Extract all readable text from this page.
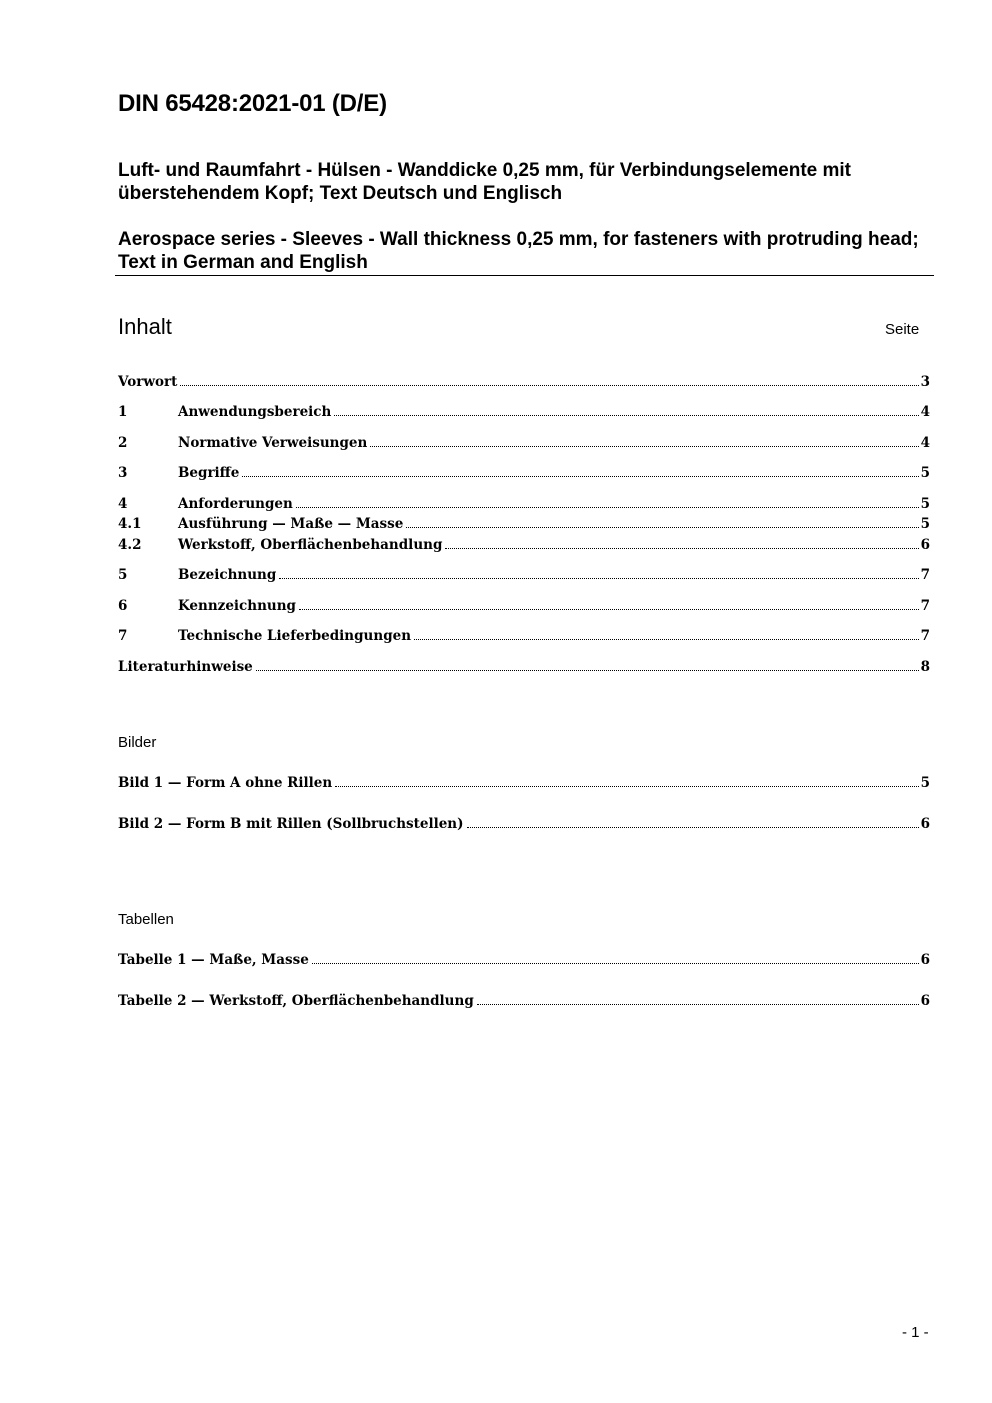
DIN 65428:2021-01 (D/E)
Luft- und Raumfahrt - Hülsen - Wanddicke 0,25 mm, für Verbindungselemente mit überstehendem Kopf; Text Deutsch und Englisch
Aerospace series - Sleeves - Wall thickness 0,25 mm, for fasteners with protruding head; Text in German and English
Inhalt	Seite
Vorwort	3
1	Anwendungsbereich	4
2	Normative Verweisungen	4
3	Begriffe	5
4	Anforderungen	5
4.1	Ausführung — Maße — Masse	5
4.2	Werkstoff, Oberflächenbehandlung	6
5	Bezeichnung	7
6	Kennzeichnung	7
7	Technische Lieferbedingungen	7
Literaturhinweise	8
Bilder
Bild 1 — Form A ohne Rillen	5
Bild 2 — Form B mit Rillen (Sollbruchstellen)	6
Tabellen
Tabelle 1 — Maße, Masse	6
Tabelle 2 — Werkstoff, Oberflächenbehandlung	6
- 1 -
